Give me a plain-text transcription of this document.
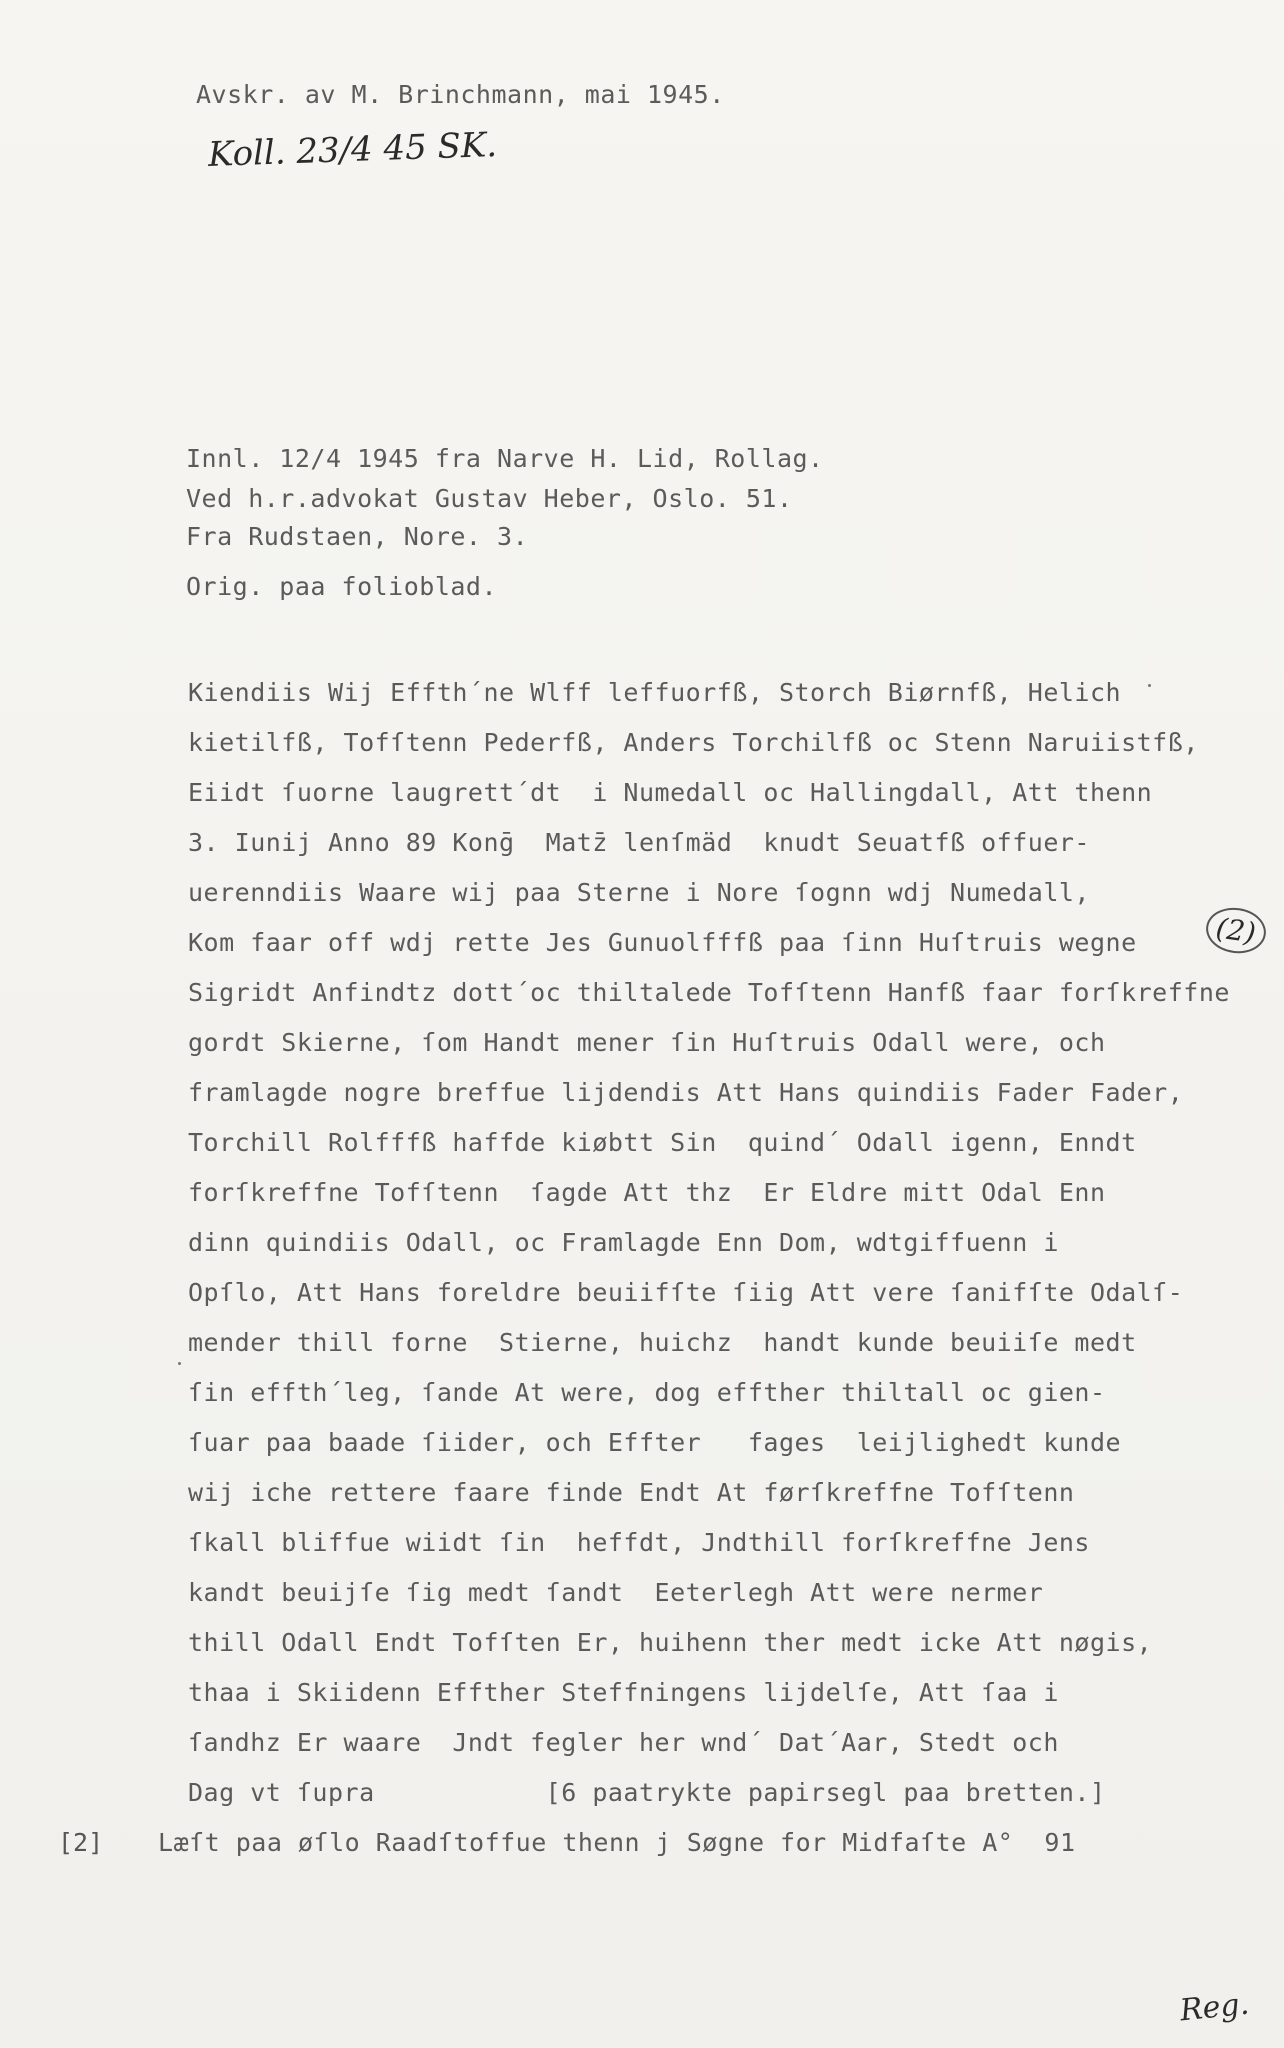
Avskr. av M. Brinchmann, mai 1945.
Koll. 23/4 45 SK.
Innl. 12/4 1945 fra Narve H. Lid, Rollag.
Ved h.r.advokat Gustav Heber, Oslo. 51.
Fra Rudstaen, Nore. 3.
Orig. paa folioblad.
Kiendiis Wij Effth´ne Wlff leffuorfß, Storch Biørnfß, Helich
kietilfß, Tofſtenn Pederfß, Anders Torchilfß oc Stenn Naruiistfß,
Eiidt ſuorne laugrett´dt  i Numedall oc Hallingdall, Att thenn
3. Iunij Anno 89 Konḡ  Matz̄ lenſmäd  knudt Seuatfß offuer-
uerenndiis Waare wij paa Sterne i Nore ſognn wdj Numedall,
Kom faar off wdj rette Jes Gunuolfffß paa ſinn Huſtruis wegne
Sigridt Anfindtz dott´oc thiltalede Tofſtenn Hanfß faar forſkreffne
gordt Skierne, ſom Handt mener ſin Huſtruis Odall were, och
framlagde nogre breffue lijdendis Att Hans quindiis Fader Fader,
Torchill Rolfffß haffde kiøbtt Sin  quind´ Odall igenn, Enndt
forſkreffne Tofſtenn  ſagde Att thz  Er Eldre mitt Odal Enn
dinn quindiis Odall, oc Framlagde Enn Dom, wdtgiffuenn i
Opſlo, Att Hans foreldre beuiifſte ſiig Att vere ſanifſte Odalſ-
mender thill forne  Stierne, huichz  handt kunde beuiiſe medt
ſin effth´leg, ſande At were, dog effther thiltall oc gien-
ſuar paa baade ſiider, och Effter   fages  leijlighedt kunde
wij iche rettere faare finde Endt At førſkreffne Tofſtenn
ſkall bliffue wiidt ſin  heffdt, Jndthill forſkreffne Jens
kandt beuijſe ſig medt ſandt  Eeterlegh Att were nermer
thill Odall Endt Tofſten Er, huihenn ther medt icke Att nøgis,
thaa i Skiidenn Effther Steffningens lijdelſe, Att ſaa i
ſandhz Er waare  Jndt fegler her wnd´ Dat´Aar, Stedt och
Dag vt ſupra           [6 paatrykte papirsegl paa bretten.]
[2] Læſt paa øſlo Raadſtoffue thenn j Søgne for Midfaſte A°  91
(2)
Reg.
